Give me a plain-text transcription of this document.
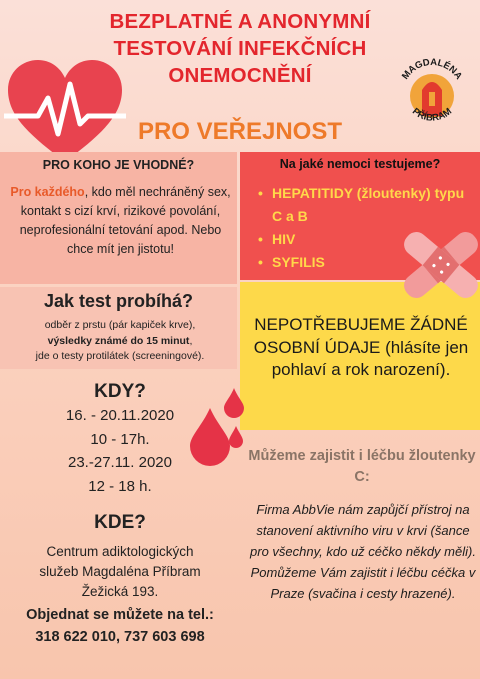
BEZPLATNÉ A ANONYMNÍ
TESTOVÁNÍ INFEKČNÍCH
ONEMOCNĚNÍ
PRO VEŘEJNOST
MAGDALÉNA
PŘÍBRAM
PRO KOHO JE VHODNÉ?
Pro každého, kdo měl nechráněný sex, kontakt s cizí krví, rizikové povolání, neprofesionální tetování apod. Nebo chce mít jen jistotu!
Na jaké nemoci testujeme?
• HEPATITIDY (žloutenky) typu C a B
• HIV
• SYFILIS
NEPOTŘEBUJEME ŽÁDNÉ OSOBNÍ ÚDAJE (hlásíte jen pohlaví a rok narození).
Jak test probíhá?
odběr z prstu (pár kapiček krve),
výsledky známé do 15 minut,
jde o testy protilátek (screeningové).
KDY?
16. - 20.11.2020
10 - 17h.
23.-27.11. 2020
12 - 18 h.
KDE?
Centrum adiktologických
služeb Magdaléna Příbram
Žežická 193.
Objednat se můžete na tel.:
318 622 010, 737 603 698
Můžeme zajistit i léčbu žloutenky C:
Firma AbbVie nám zapůjčí přístroj na stanovení aktivního viru v krvi (šance pro všechny, kdo už céčko někdy měli). Pomůžeme Vám zajistit i léčbu céčka v Praze (svačina i cesty hrazené).
